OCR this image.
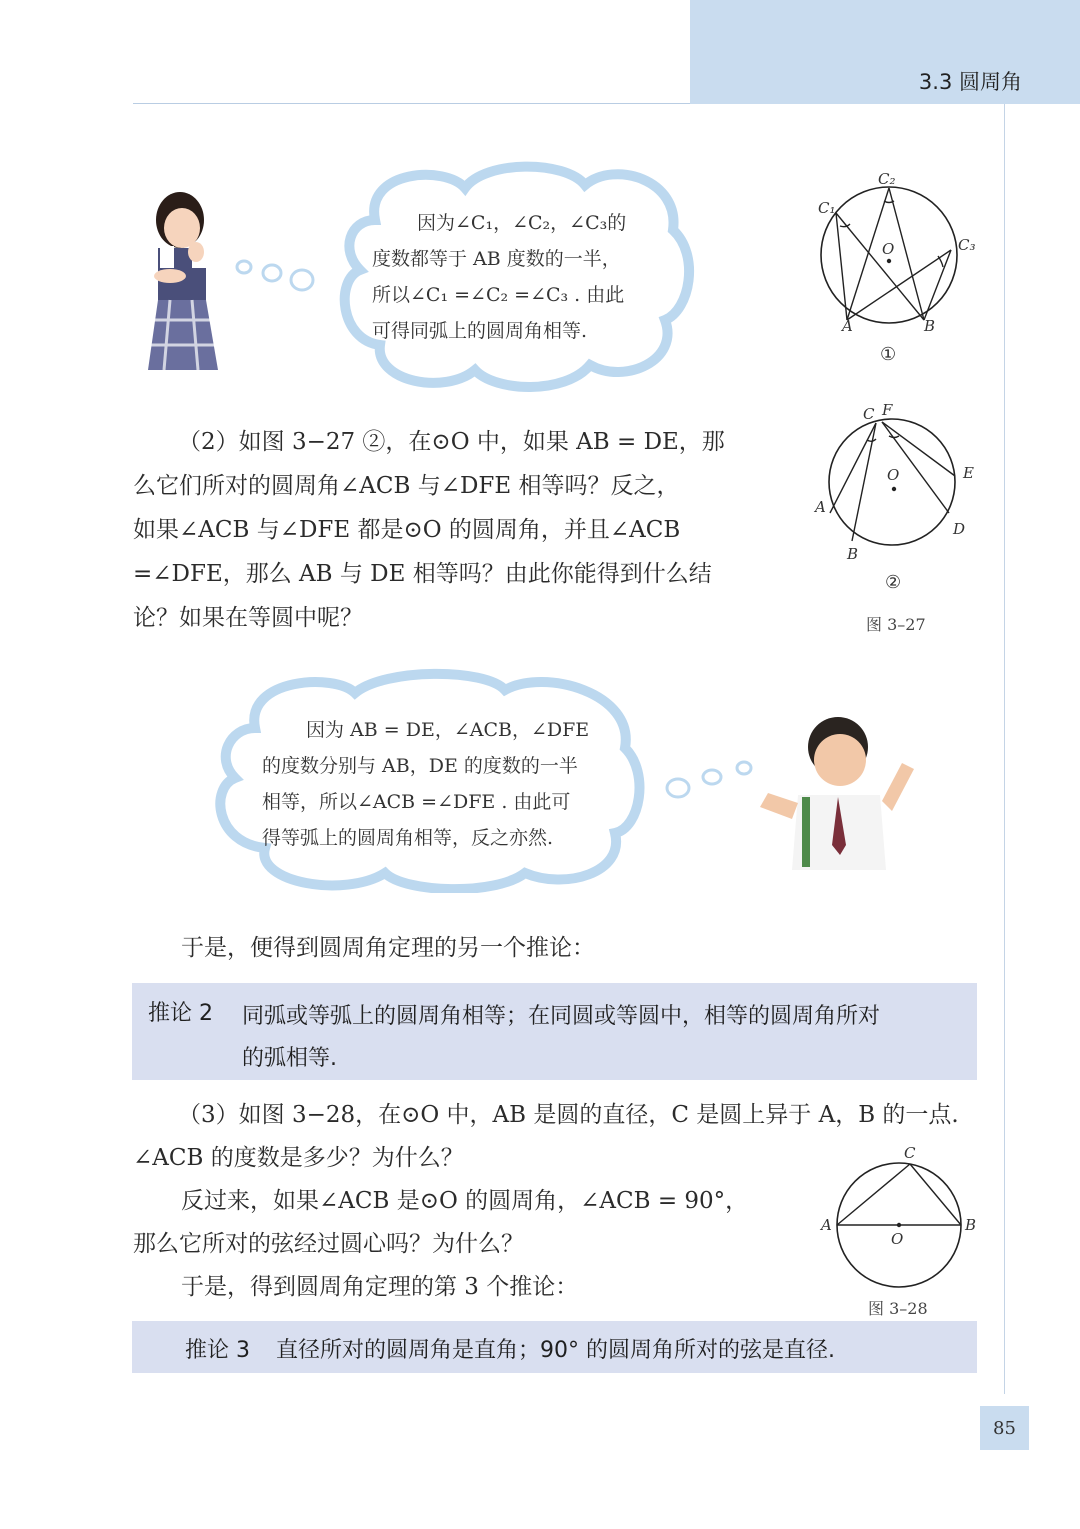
3.3 圆周角
因为∠C₁，∠C₂，∠C₃的
度数都等于 AB 度数的一半，
所以∠C₁ =∠C₂ =∠C₃ . 由此
可得同弧上的圆周角相等.
C₁
C₂
C₃
O
A	B
①
C F
O	E
A
D
B
②
图 3–27
（2）如图 3−27 ②，在⊙O 中，如果 AB = DE，那
么它们所对的圆周角∠ACB 与∠DFE 相等吗？反之，
如果∠ACB 与∠DFE 都是⊙O 的圆周角，并且∠ACB
=∠DFE，那么 AB 与 DE 相等吗？由此你能得到什么结
论？如果在等圆中呢？
因为 AB = DE，∠ACB，∠DFE
的度数分别与 AB，DE 的度数的一半
相等，所以∠ACB =∠DFE . 由此可
得等弧上的圆周角相等，反之亦然.
于是，便得到圆周角定理的另一个推论：
推论 2 同弧或等弧上的圆周角相等；在同圆或等圆中，相等的圆周角所对
的弧相等.
（3）如图 3−28，在⊙O 中，AB 是圆的直径，C 是圆上异于 A，B 的一点.
∠ACB 的度数是多少？为什么？
反过来，如果∠ACB 是⊙O 的圆周角，∠ACB = 90°，
那么它所对的弦经过圆心吗？为什么？
于是，得到圆周角定理的第 3 个推论：
C
A	B
O
图 3–28
推论 3 直径所对的圆周角是直角；90° 的圆周角所对的弦是直径.
85
